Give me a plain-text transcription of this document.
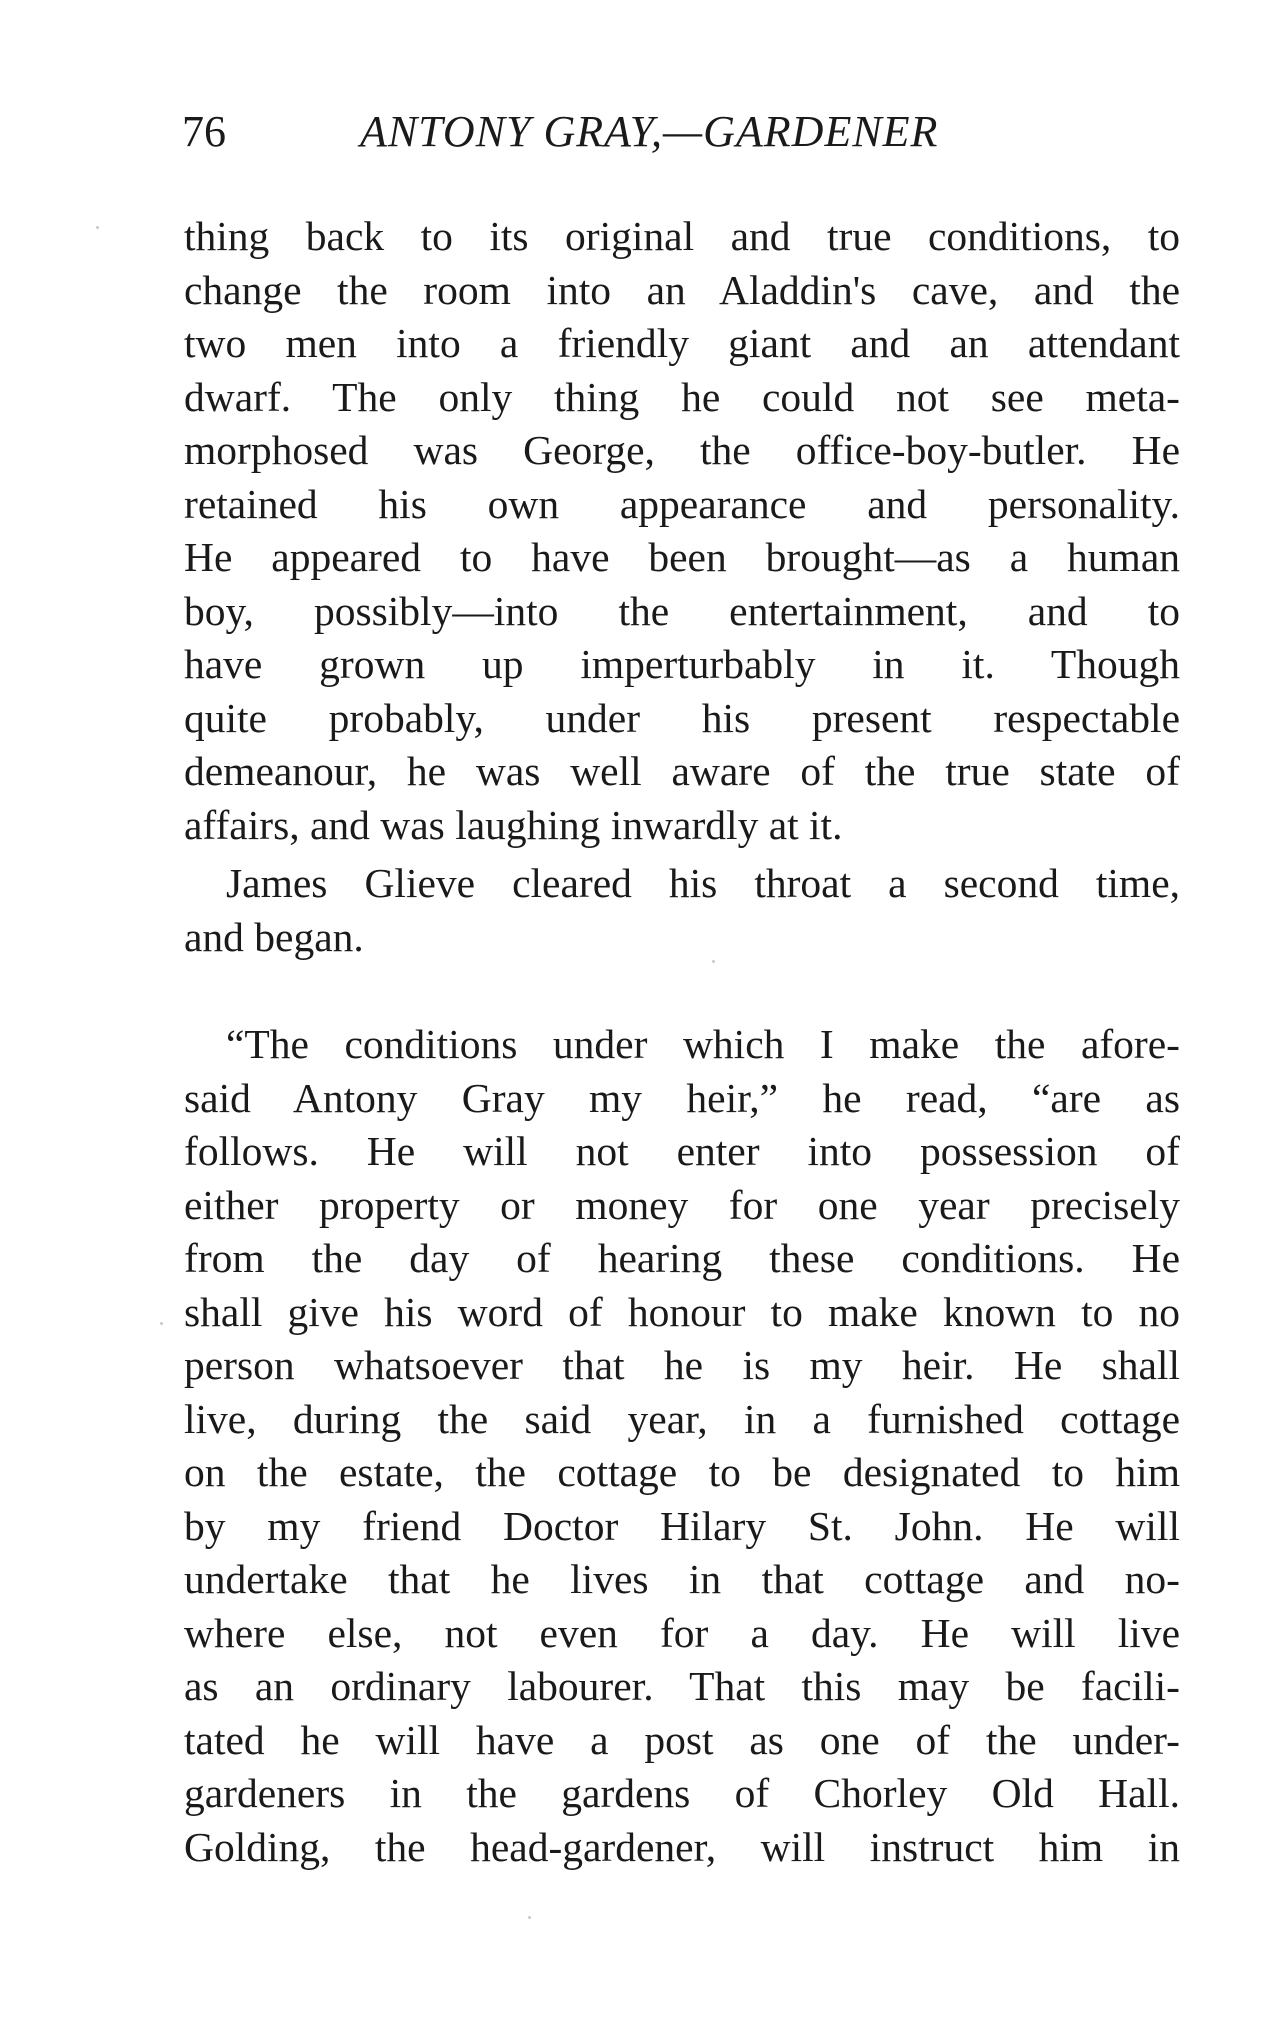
76	ANTONY GRAY,—GARDENER
thing back to its original and true conditions, to
change the room into an Aladdin's cave, and the
two men into a friendly giant and an attendant
dwarf. The only thing he could not see meta-
morphosed was George, the office-boy-butler. He
retained his own appearance and personality.
He appeared to have been brought—as a human
boy, possibly—into the entertainment, and to
have grown up imperturbably in it. Though
quite probably, under his present respectable
demeanour, he was well aware of the true state of
affairs, and was laughing inwardly at it.
James Glieve cleared his throat a second time,
and began.
“The conditions under which I make the afore-
said Antony Gray my heir,” he read, “are as
follows. He will not enter into possession of
either property or money for one year precisely
from the day of hearing these conditions. He
shall give his word of honour to make known to no
person whatsoever that he is my heir. He shall
live, during the said year, in a furnished cottage
on the estate, the cottage to be designated to him
by my friend Doctor Hilary St. John. He will
undertake that he lives in that cottage and no-
where else, not even for a day. He will live
as an ordinary labourer. That this may be facili-
tated he will have a post as one of the under-
gardeners in the gardens of Chorley Old Hall.
Golding, the head-gardener, will instruct him in
